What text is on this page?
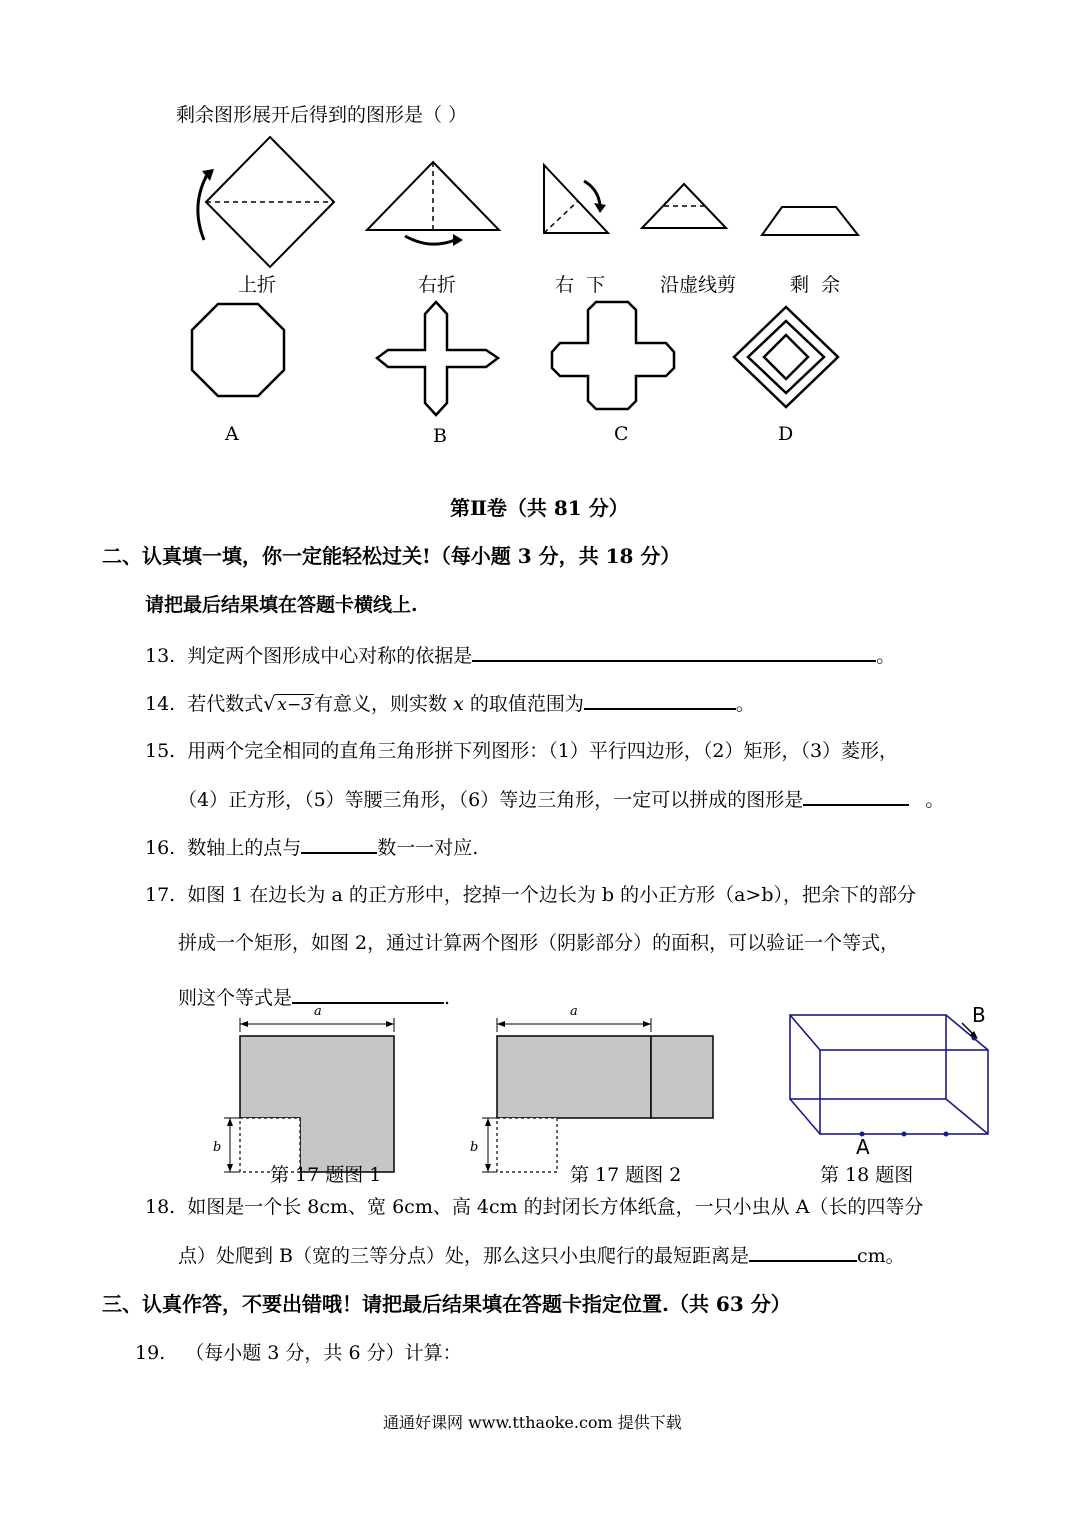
剩余图形展开后得到的图形是（ ）
上折	右折	右  下	沿虚线剪	剩  余
A	B	C	D
第Ⅱ卷（共 81 分）
二、认真填一填，你一定能轻松过关!（每小题 3 分，共 18 分）
请把最后结果填在答题卡横线上.
13. 判定两个图形成中心对称的依据是	。
14. 若代数式√ x−3 有意义，则实数 x 的取值范围为	。
15. 用两个完全相同的直角三角形拼下列图形：（1）平行四边形，（2）矩形，（3）菱形，
（4）正方形，（5）等腰三角形，（6）等边三角形，一定可以拼成的图形是	。
16. 数轴上的点与	数一一对应.
17. 如图 1 在边长为 a 的正方形中，挖掉一个边长为 b 的小正方形（a>b），把余下的部分
拼成一个矩形，如图 2，通过计算两个图形（阴影部分）的面积，可以验证一个等式，
则这个等式是	.
a
b
第 17 题图 1
a
b
第 17 题图 2
B
A
第 18 题图
18. 如图是一个长 8cm、宽 6cm、高 4cm 的封闭长方体纸盒，一只小虫从 A（长的四等分
点）处爬到 B（宽的三等分点）处，那么这只小虫爬行的最短距离是	cm。
三、认真作答，不要出错哦！请把最后结果填在答题卡指定位置.（共 63 分）
19. （每小题 3 分，共 6 分）计算：
通通好课网 www.tthaoke.com 提供下载
